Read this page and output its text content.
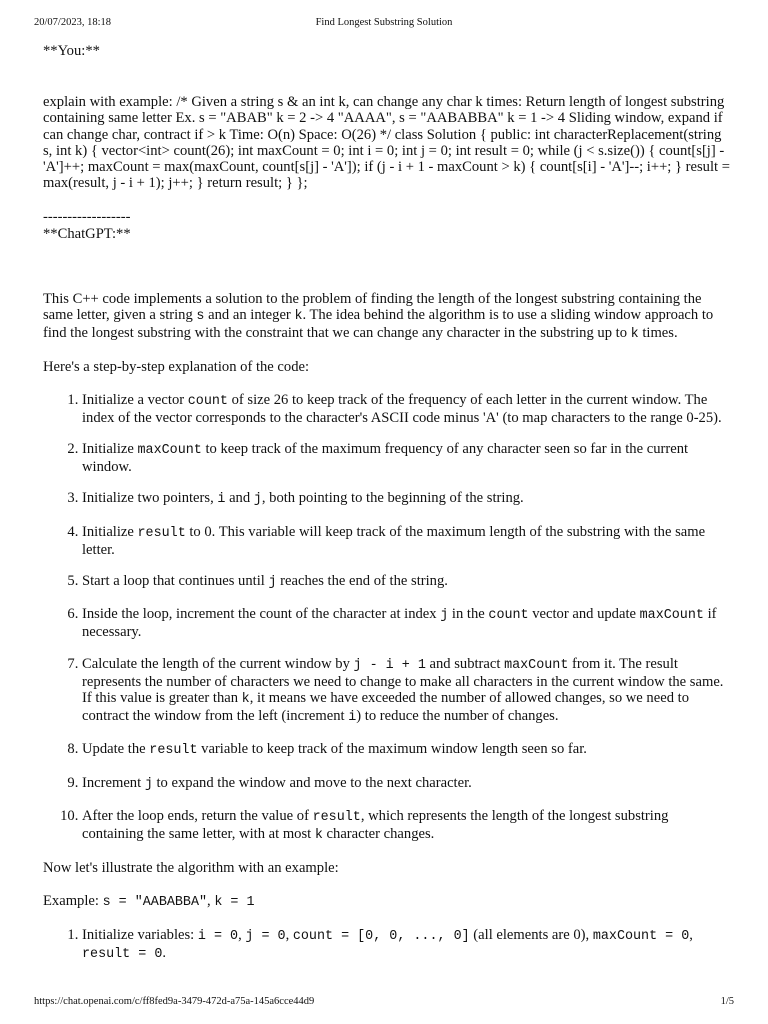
20/07/2023, 18:18	Find Longest Substring Solution

**You:**

explain with example: /* Given a string s & an int k, can change any char k times: Return length of longest substring containing same letter Ex. s = "ABAB" k = 2 -> 4 "AAAA", s = "AABABBA" k = 1 -> 4 Sliding window, expand if can change char, contract if > k Time: O(n) Space: O(26) */ class Solution { public: int characterReplacement(string s, int k) { vector<int> count(26); int maxCount = 0; int i = 0; int j = 0; int result = 0; while (j < s.size()) { count[s[j] - 'A']++; maxCount = max(maxCount, count[s[j] - 'A']); if (j - i + 1 - maxCount > k) { count[s[i] - 'A']--; i++; } result = max(result, j - i + 1); j++; } return result; } };

------------------

**ChatGPT:**

This C++ code implements a solution to the problem of finding the length of the longest substring containing the same letter, given a string s and an integer k. The idea behind the algorithm is to use a sliding window approach to find the longest substring with the constraint that we can change any character in the substring up to k times.

Here's a step-by-step explanation of the code:

1. Initialize a vector count of size 26 to keep track of the frequency of each letter in the current window. The index of the vector corresponds to the character's ASCII code minus 'A' (to map characters to the range 0-25).
2. Initialize maxCount to keep track of the maximum frequency of any character seen so far in the current window.
3. Initialize two pointers, i and j, both pointing to the beginning of the string.
4. Initialize result to 0. This variable will keep track of the maximum length of the substring with the same letter.
5. Start a loop that continues until j reaches the end of the string.
6. Inside the loop, increment the count of the character at index j in the count vector and update maxCount if necessary.
7. Calculate the length of the current window by j - i + 1 and subtract maxCount from it. The result represents the number of characters we need to change to make all characters in the current window the same. If this value is greater than k, it means we have exceeded the number of allowed changes, so we need to contract the window from the left (increment i) to reduce the number of changes.
8. Update the result variable to keep track of the maximum window length seen so far.
9. Increment j to expand the window and move to the next character.
10. After the loop ends, return the value of result, which represents the length of the longest substring containing the same letter, with at most k character changes.

Now let's illustrate the algorithm with an example:

Example: s = "AABABBA", k = 1

1. Initialize variables: i = 0, j = 0, count = [0, 0, ..., 0] (all elements are 0), maxCount = 0, result = 0.
https://chat.openai.com/c/ff8fed9a-3479-472d-a75a-145a6cce44d9	1/5
